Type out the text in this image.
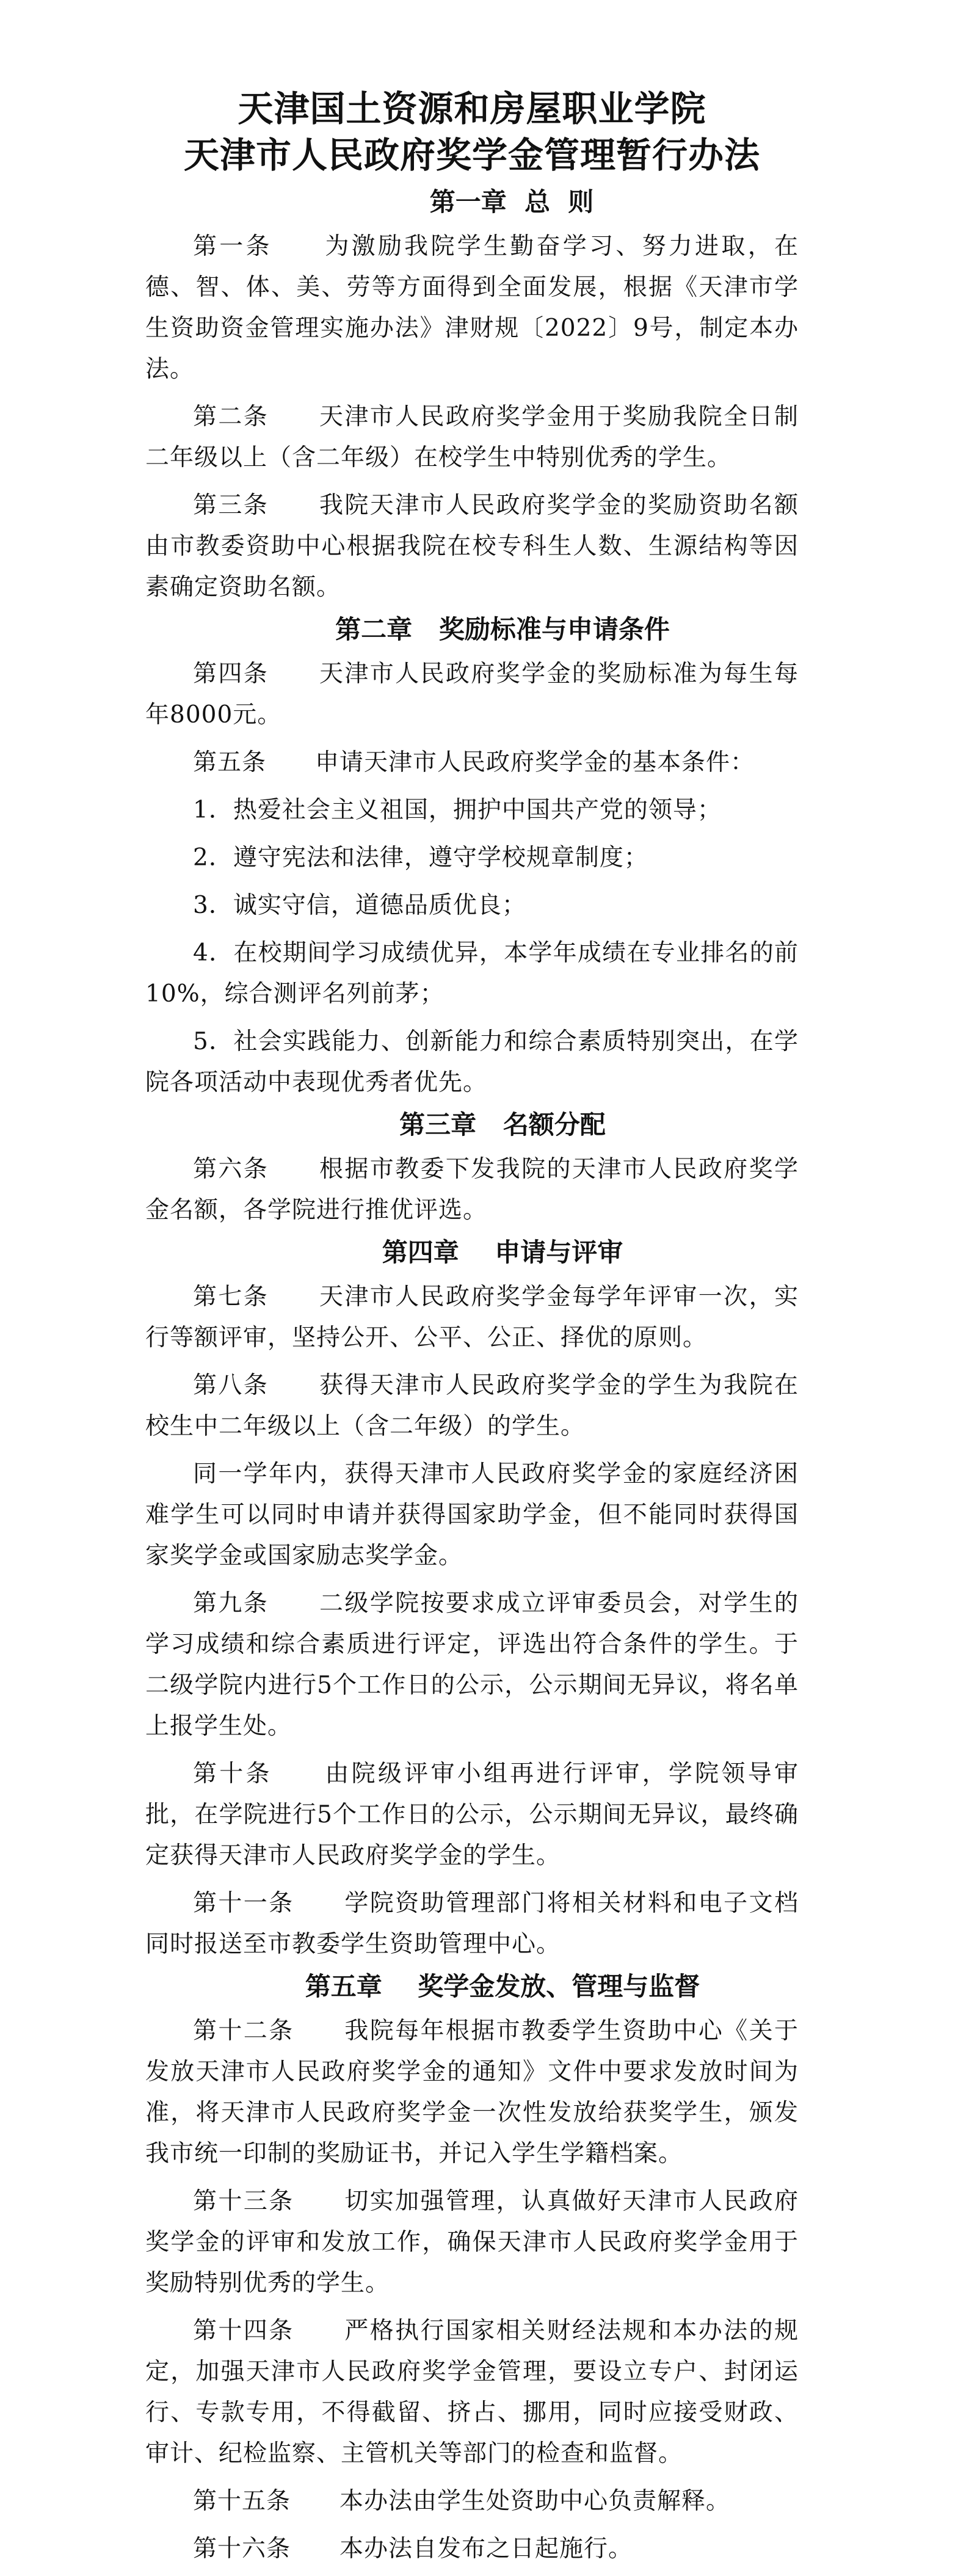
天津国土资源和房屋职业学院
天津市人民政府奖学金管理暂行办法
第一章  总  则

第一条　　 为激励我院学生勤奋学习、努力进取，在德、智、体、美、劳等方面得到全面发展，根据《天津市学生资助资金管理实施办法》津财规〔2022〕9号，制定本办法。

第二条　　 天津市人民政府奖学金用于奖励我院全日制二年级以上（含二年级）在校学生中特别优秀的学生。

第三条　　 我院天津市人民政府奖学金的奖励资助名额由市教委资助中心根据我院在校专科生人数、生源结构等因素确定资助名额。

第二章   奖励标准与申请条件

第四条　　 天津市人民政府奖学金的奖励标准为每生每年8000元。

第五条　　 申请天津市人民政府奖学金的基本条件：

1．热爱社会主义祖国，拥护中国共产党的领导；

2．遵守宪法和法律，遵守学校规章制度；

3．诚实守信，道德品质优良；

4．在校期间学习成绩优异，本学年成绩在专业排名的前10%，综合测评名列前茅；

5．社会实践能力、创新能力和综合素质特别突出，在学院各项活动中表现优秀者优先。

第三章   名额分配

第六条　　 根据市教委下发我院的天津市人民政府奖学金名额，各学院进行推优评选。

第四章    申请与评审

第七条　　 天津市人民政府奖学金每学年评审一次，实行等额评审，坚持公开、公平、公正、择优的原则。

第八条　　 获得天津市人民政府奖学金的学生为我院在校生中二年级以上（含二年级）的学生。

同一学年内，获得天津市人民政府奖学金的家庭经济困难学生可以同时申请并获得国家助学金，但不能同时获得国家奖学金或国家励志奖学金。

第九条　　 二级学院按要求成立评审委员会，对学生的学习成绩和综合素质进行评定，评选出符合条件的学生。于二级学院内进行5个工作日的公示，公示期间无异议，将名单上报学生处。

第十条　　 由院级评审小组再进行评审，学院领导审批，在学院进行5个工作日的公示，公示期间无异议，最终确定获得天津市人民政府奖学金的学生。

第十一条　　 学院资助管理部门将相关材料和电子文档同时报送至市教委学生资助管理中心。

第五章    奖学金发放、管理与监督

第十二条　　 我院每年根据市教委学生资助中心《关于发放天津市人民政府奖学金的通知》文件中要求发放时间为准，将天津市人民政府奖学金一次性发放给获奖学生，颁发我市统一印制的奖励证书，并记入学生学籍档案。

第十三条　　 切实加强管理，认真做好天津市人民政府奖学金的评审和发放工作，确保天津市人民政府奖学金用于奖励特别优秀的学生。

第十四条　　 严格执行国家相关财经法规和本办法的规定，加强天津市人民政府奖学金管理，要设立专户、封闭运行、专款专用，不得截留、挤占、挪用，同时应接受财政、审计、纪检监察、主管机关等部门的检查和监督。

第十五条　　 本办法由学生处资助中心负责解释。

第十六条　　 本办法自发布之日起施行。
